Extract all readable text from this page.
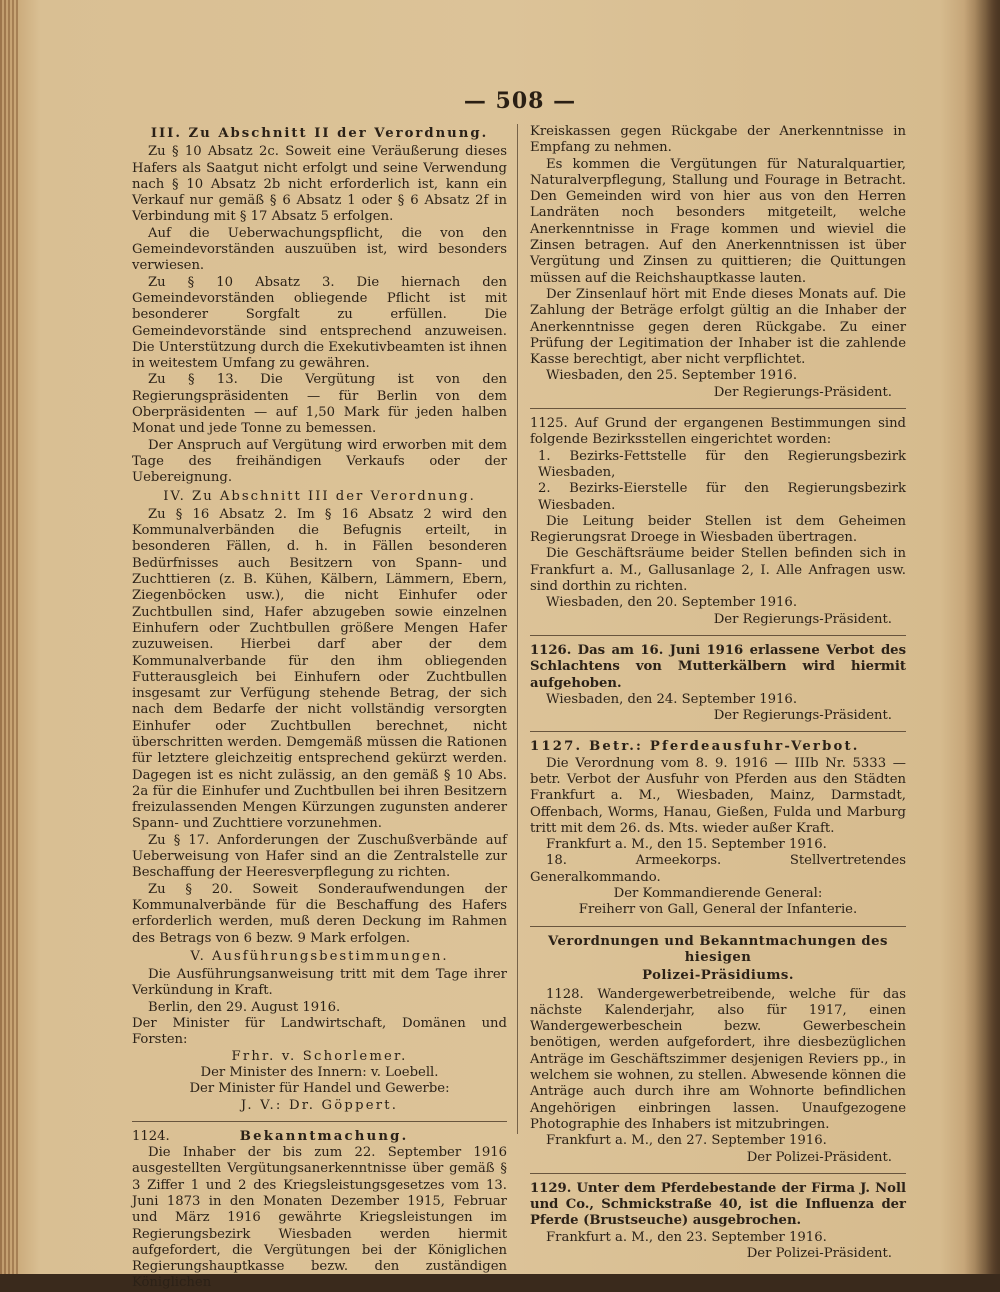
— 508 —

III. Zu Abschnitt II der Verordnung.

Zu § 10 Absatz 2c. Soweit eine Veräußerung dieses Hafers als Saatgut nicht erfolgt und seine Verwendung nach § 10 Absatz 2b nicht erforderlich ist, kann ein Verkauf nur gemäß § 6 Absatz 1 oder § 6 Absatz 2f in Verbindung mit § 17 Absatz 5 erfolgen.

Auf die Ueberwachungspflicht, die von den Gemeindevorständen auszuüben ist, wird besonders verwiesen.

Zu § 10 Absatz 3. Die hiernach den Gemeindevorständen obliegende Pflicht ist mit besonderer Sorgfalt zu erfüllen. Die Gemeindevorstände sind entsprechend anzuweisen. Die Unterstützung durch die Exekutivbeamten ist ihnen in weitestem Umfang zu gewähren.

Zu § 13. Die Vergütung ist von den Regierungspräsidenten — für Berlin von dem Oberpräsidenten — auf 1,50 Mark für jeden halben Monat und jede Tonne zu bemessen.

Der Anspruch auf Vergütung wird erworben mit dem Tage des freihändigen Verkaufs oder der Uebereignung.

IV. Zu Abschnitt III der Verordnung.

Zu § 16 Absatz 2. Im § 16 Absatz 2 wird den Kommunalverbänden die Befugnis erteilt, in besonderen Fällen, d. h. in Fällen besonderen Bedürfnisses auch Besitzern von Spann- und Zuchttieren (z. B. Kühen, Kälbern, Lämmern, Ebern, Ziegenböcken usw.), die nicht Einhufer oder Zuchtbullen sind, Hafer abzugeben sowie einzelnen Einhufern oder Zuchtbullen größere Mengen Hafer zuzuweisen. Hierbei darf aber der dem Kommunalverbande für den ihm obliegenden Futterausgleich bei Einhufern oder Zuchtbullen insgesamt zur Verfügung stehende Betrag, der sich nach dem Bedarfe der nicht vollständig versorgten Einhufer oder Zuchtbullen berechnet, nicht überschritten werden. Demgemäß müssen die Rationen für letztere gleichzeitig entsprechend gekürzt werden. Dagegen ist es nicht zulässig, an den gemäß § 10 Abs. 2a für die Einhufer und Zuchtbullen bei ihren Besitzern freizulassenden Mengen Kürzungen zugunsten anderer Spann- und Zuchttiere vorzunehmen.

Zu § 17. Anforderungen der Zuschußverbände auf Ueberweisung von Hafer sind an die Zentralstelle zur Beschaffung der Heeresverpflegung zu richten.

Zu § 20. Soweit Sonderaufwendungen der Kommunalverbände für die Beschaffung des Hafers erforderlich werden, muß deren Deckung im Rahmen des Betrags von 6 bezw. 9 Mark erfolgen.

V. Ausführungsbestimmungen.

Die Ausführungsanweisung tritt mit dem Tage ihrer Verkündung in Kraft.

Berlin, den 29. August 1916.

Der Minister für Landwirtschaft, Domänen und Forsten:

Frhr. v. Schorlemer.

Der Minister des Innern: v. Loebell.

Der Minister für Handel und Gewerbe:

J. V.: Dr. Göppert.

1124.	Bekanntmachung.

Die Inhaber der bis zum 22. September 1916 ausgestellten Vergütungsanerkenntnisse über gemäß § 3 Ziffer 1 und 2 des Kriegsleistungsgesetzes vom 13. Juni 1873 in den Monaten Dezember 1915, Februar und März 1916 gewährte Kriegsleistungen im Regierungsbezirk Wiesbaden werden hiermit aufgefordert, die Vergütungen bei der Königlichen Regierungshauptkasse bezw. den zuständigen Königlichen

Kreiskassen gegen Rückgabe der Anerkenntnisse in Empfang zu nehmen.

Es kommen die Vergütungen für Naturalquartier, Naturalverpflegung, Stallung und Fourage in Betracht. Den Gemeinden wird von hier aus von den Herren Landräten noch besonders mitgeteilt, welche Anerkenntnisse in Frage kommen und wieviel die Zinsen betragen. Auf den Anerkenntnissen ist über Vergütung und Zinsen zu quittieren; die Quittungen müssen auf die Reichshauptkasse lauten.

Der Zinsenlauf hört mit Ende dieses Monats auf. Die Zahlung der Beträge erfolgt gültig an die Inhaber der Anerkenntnisse gegen deren Rückgabe. Zu einer Prüfung der Legitimation der Inhaber ist die zahlende Kasse berechtigt, aber nicht verpflichtet.

Wiesbaden, den 25. September 1916.

Der Regierungs-Präsident.

1125. Auf Grund der ergangenen Bestimmungen sind folgende Bezirksstellen eingerichtet worden:

1. Bezirks-Fettstelle für den Regierungsbezirk Wiesbaden,

2. Bezirks-Eierstelle für den Regierungsbezirk Wiesbaden.

Die Leitung beider Stellen ist dem Geheimen Regierungsrat Droege in Wiesbaden übertragen.

Die Geschäftsräume beider Stellen befinden sich in Frankfurt a. M., Gallusanlage 2, I. Alle Anfragen usw. sind dorthin zu richten.

Wiesbaden, den 20. September 1916.

Der Regierungs-Präsident.

1126. Das am 16. Juni 1916 erlassene Verbot des Schlachtens von Mutterkälbern wird hiermit aufgehoben.

Wiesbaden, den 24. September 1916.

Der Regierungs-Präsident.

1127. Betr.: Pferdeausfuhr-Verbot.

Die Verordnung vom 8. 9. 1916 — IIIb Nr. 5333 — betr. Verbot der Ausfuhr von Pferden aus den Städten Frankfurt a. M., Wiesbaden, Mainz, Darmstadt, Offenbach, Worms, Hanau, Gießen, Fulda und Marburg tritt mit dem 26. ds. Mts. wieder außer Kraft.

Frankfurt a. M., den 15. September 1916.

18. Armeekorps. Stellvertretendes Generalkommando.

Der Kommandierende General:

Freiherr von Gall, General der Infanterie.

Verordnungen und Bekanntmachungen des hiesigen

Polizei-Präsidiums.

1128. Wandergewerbetreibende, welche für das nächste Kalenderjahr, also für 1917, einen Wandergewerbeschein bezw. Gewerbeschein benötigen, werden aufgefordert, ihre diesbezüglichen Anträge im Geschäftszimmer desjenigen Reviers pp., in welchem sie wohnen, zu stellen. Abwesende können die Anträge auch durch ihre am Wohnorte befindlichen Angehörigen einbringen lassen. Unaufgezogene Photographie des Inhabers ist mitzubringen.

Frankfurt a. M., den 27. September 1916.

Der Polizei-Präsident.

1129. Unter dem Pferdebestande der Firma J. Noll und Co., Schmickstraße 40, ist die Influenza der Pferde (Brustseuche) ausgebrochen.

Frankfurt a. M., den 23. September 1916.

Der Polizei-Präsident.
